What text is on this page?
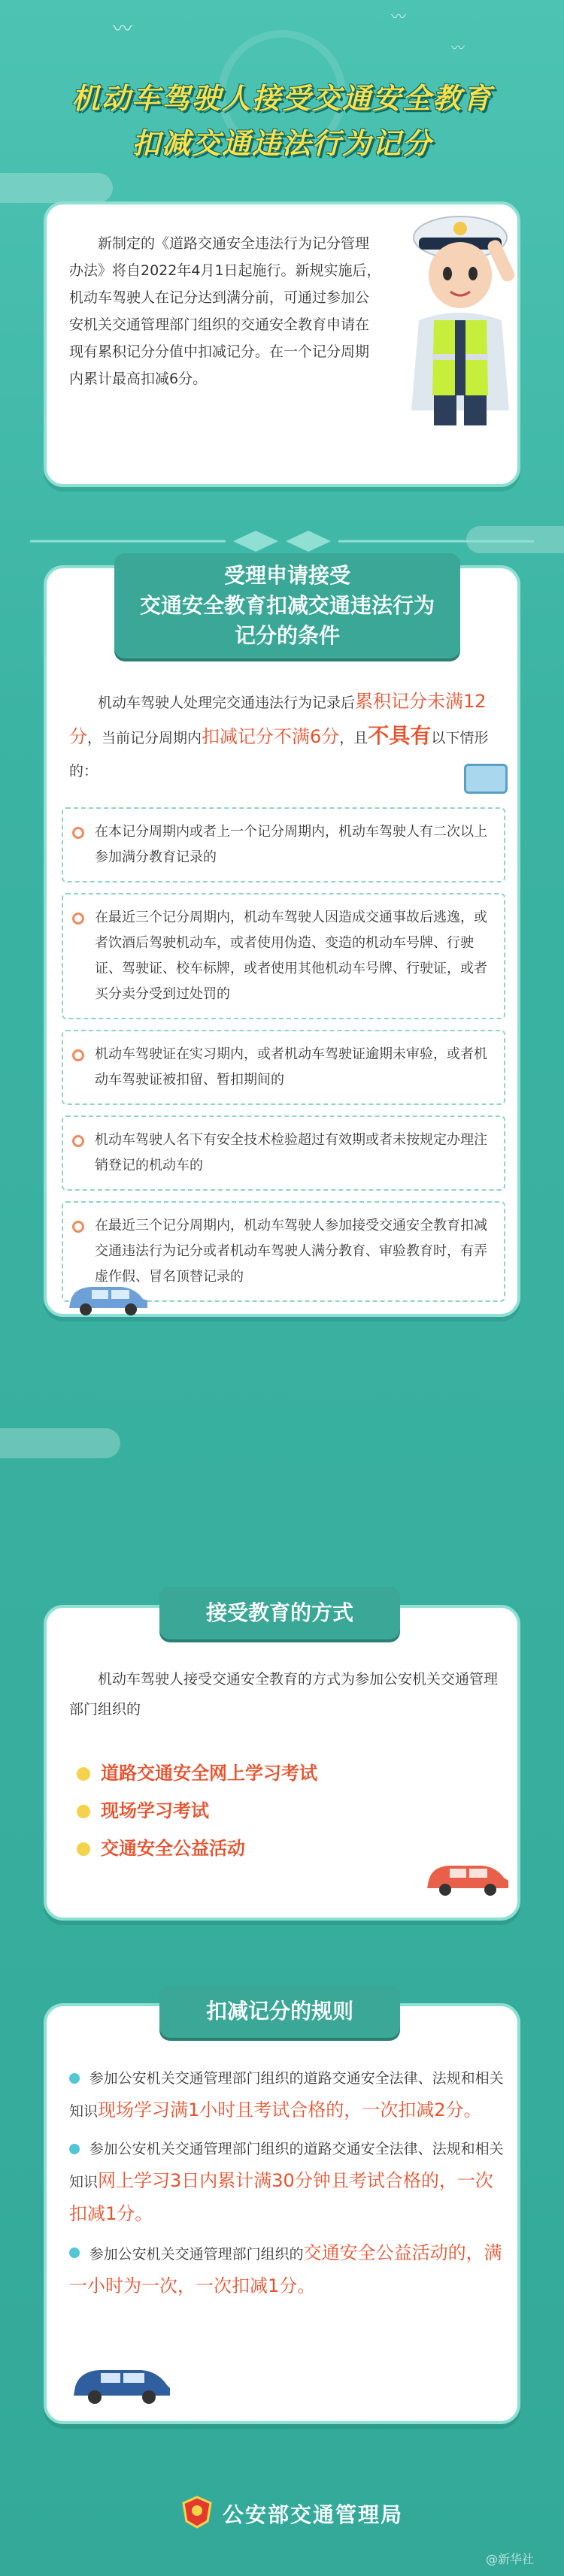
〰
〰
〰
机动车驾驶人接受交通安全教育
扣减交通违法行为记分
新制定的《道路交通安全违法行为记分管理办法》将自2022年4月1日起施行。新规实施后，机动车驾驶人在记分达到满分前，可通过参加公安机关交通管理部门组织的交通安全教育申请在现有累积记分分值中扣减记分。在一个记分周期内累计最高扣减6分。
受理申请接受
交通安全教育扣减交通违法行为
记分的条件
机动车驾驶人处理完交通违法行为记录后累积记分未满12分，当前记分周期内扣减记分不满6分，且不具有以下情形的：
在本记分周期内或者上一个记分周期内，机动车驾驶人有二次以上参加满分教育记录的
在最近三个记分周期内，机动车驾驶人因造成交通事故后逃逸，或者饮酒后驾驶机动车，或者使用伪造、变造的机动车号牌、行驶证、驾驶证、校车标牌，或者使用其他机动车号牌、行驶证，或者买分卖分受到过处罚的
机动车驾驶证在实习期内，或者机动车驾驶证逾期未审验，或者机动车驾驶证被扣留、暂扣期间的
机动车驾驶人名下有安全技术检验超过有效期或者未按规定办理注销登记的机动车的
在最近三个记分周期内，机动车驾驶人参加接受交通安全教育扣减交通违法行为记分或者机动车驾驶人满分教育、审验教育时，有弄虚作假、冒名顶替记录的
接受教育的方式
机动车驾驶人接受交通安全教育的方式为参加公安机关交通管理部门组织的
道路交通安全网上学习考试
现场学习考试
交通安全公益活动
扣减记分的规则
参加公安机关交通管理部门组织的道路交通安全法律、法规和相关知识现场学习满1小时且考试合格的，一次扣减2分。
参加公安机关交通管理部门组织的道路交通安全法律、法规和相关知识网上学习3日内累计满30分钟且考试合格的，一次扣减1分。
参加公安机关交通管理部门组织的交通安全公益活动的，满一小时为一次，一次扣减1分。
公安部交通管理局
@新华社
